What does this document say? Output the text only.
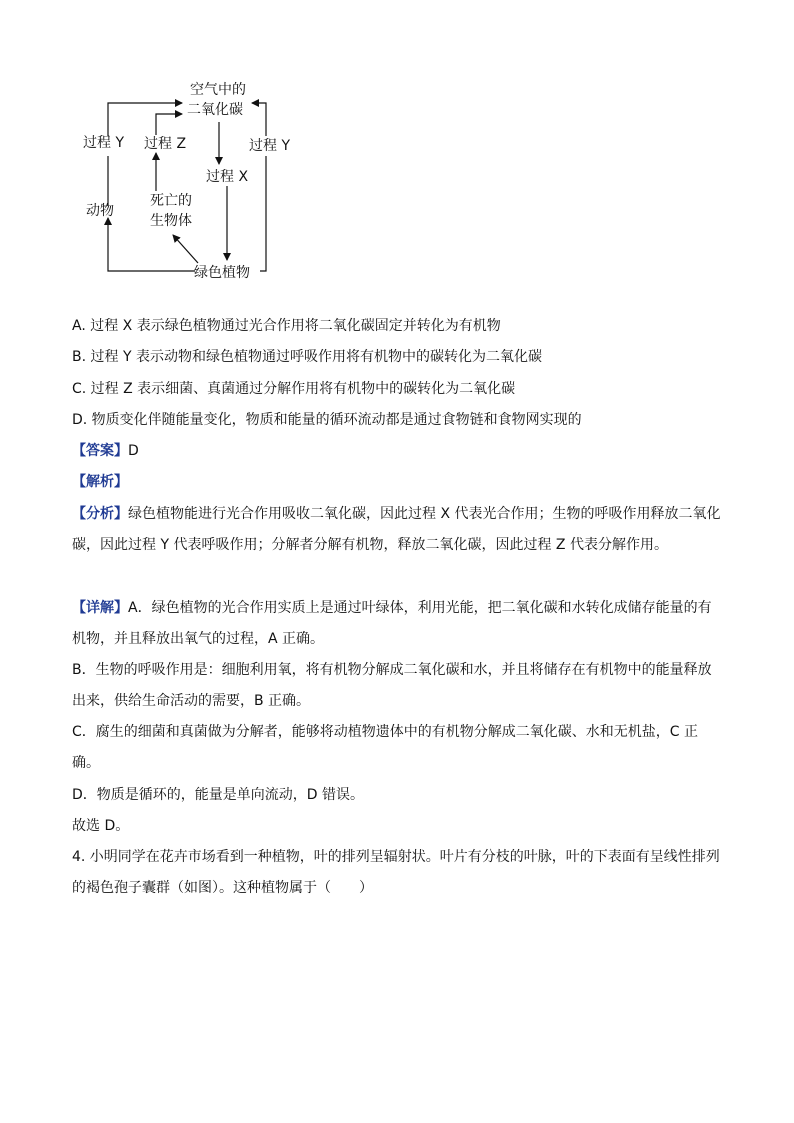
空气中的
二氧化碳
过程 Y 过程 Z
过程 X
过程 Y
动物
死亡的
生物体
绿色植物
A. 过程 X 表示绿色植物通过光合作用将二氧化碳固定并转化为有机物
B. 过程 Y 表示动物和绿色植物通过呼吸作用将有机物中的碳转化为二氧化碳
C. 过程 Z 表示细菌、真菌通过分解作用将有机物中的碳转化为二氧化碳
D. 物质变化伴随能量变化，物质和能量的循环流动都是通过食物链和食物网实现的
【答案】D
【解析】
【分析】绿色植物能进行光合作用吸收二氧化碳，因此过程 X 代表光合作用；生物的呼吸作用释放二氧化
碳，因此过程 Y 代表呼吸作用；分解者分解有机物，释放二氧化碳，因此过程 Z 代表分解作用。
【详解】A．绿色植物的光合作用实质上是通过叶绿体，利用光能，把二氧化碳和水转化成储存能量的有
机物，并且释放出氧气的过程，A 正确。
B．生物的呼吸作用是：细胞利用氧，将有机物分解成二氧化碳和水，并且将储存在有机物中的能量释放
出来，供给生命活动的需要，B 正确。
C．腐生的细菌和真菌做为分解者，能够将动植物遗体中的有机物分解成二氧化碳、水和无机盐，C 正
确。
D．物质是循环的，能量是单向流动，D 错误。
故选 D。
4. 小明同学在花卉市场看到一种植物，叶的排列呈辐射状。叶片有分枝的叶脉，叶的下表面有呈线性排列
的褐色孢子囊群（如图）。这种植物属于（　　）
